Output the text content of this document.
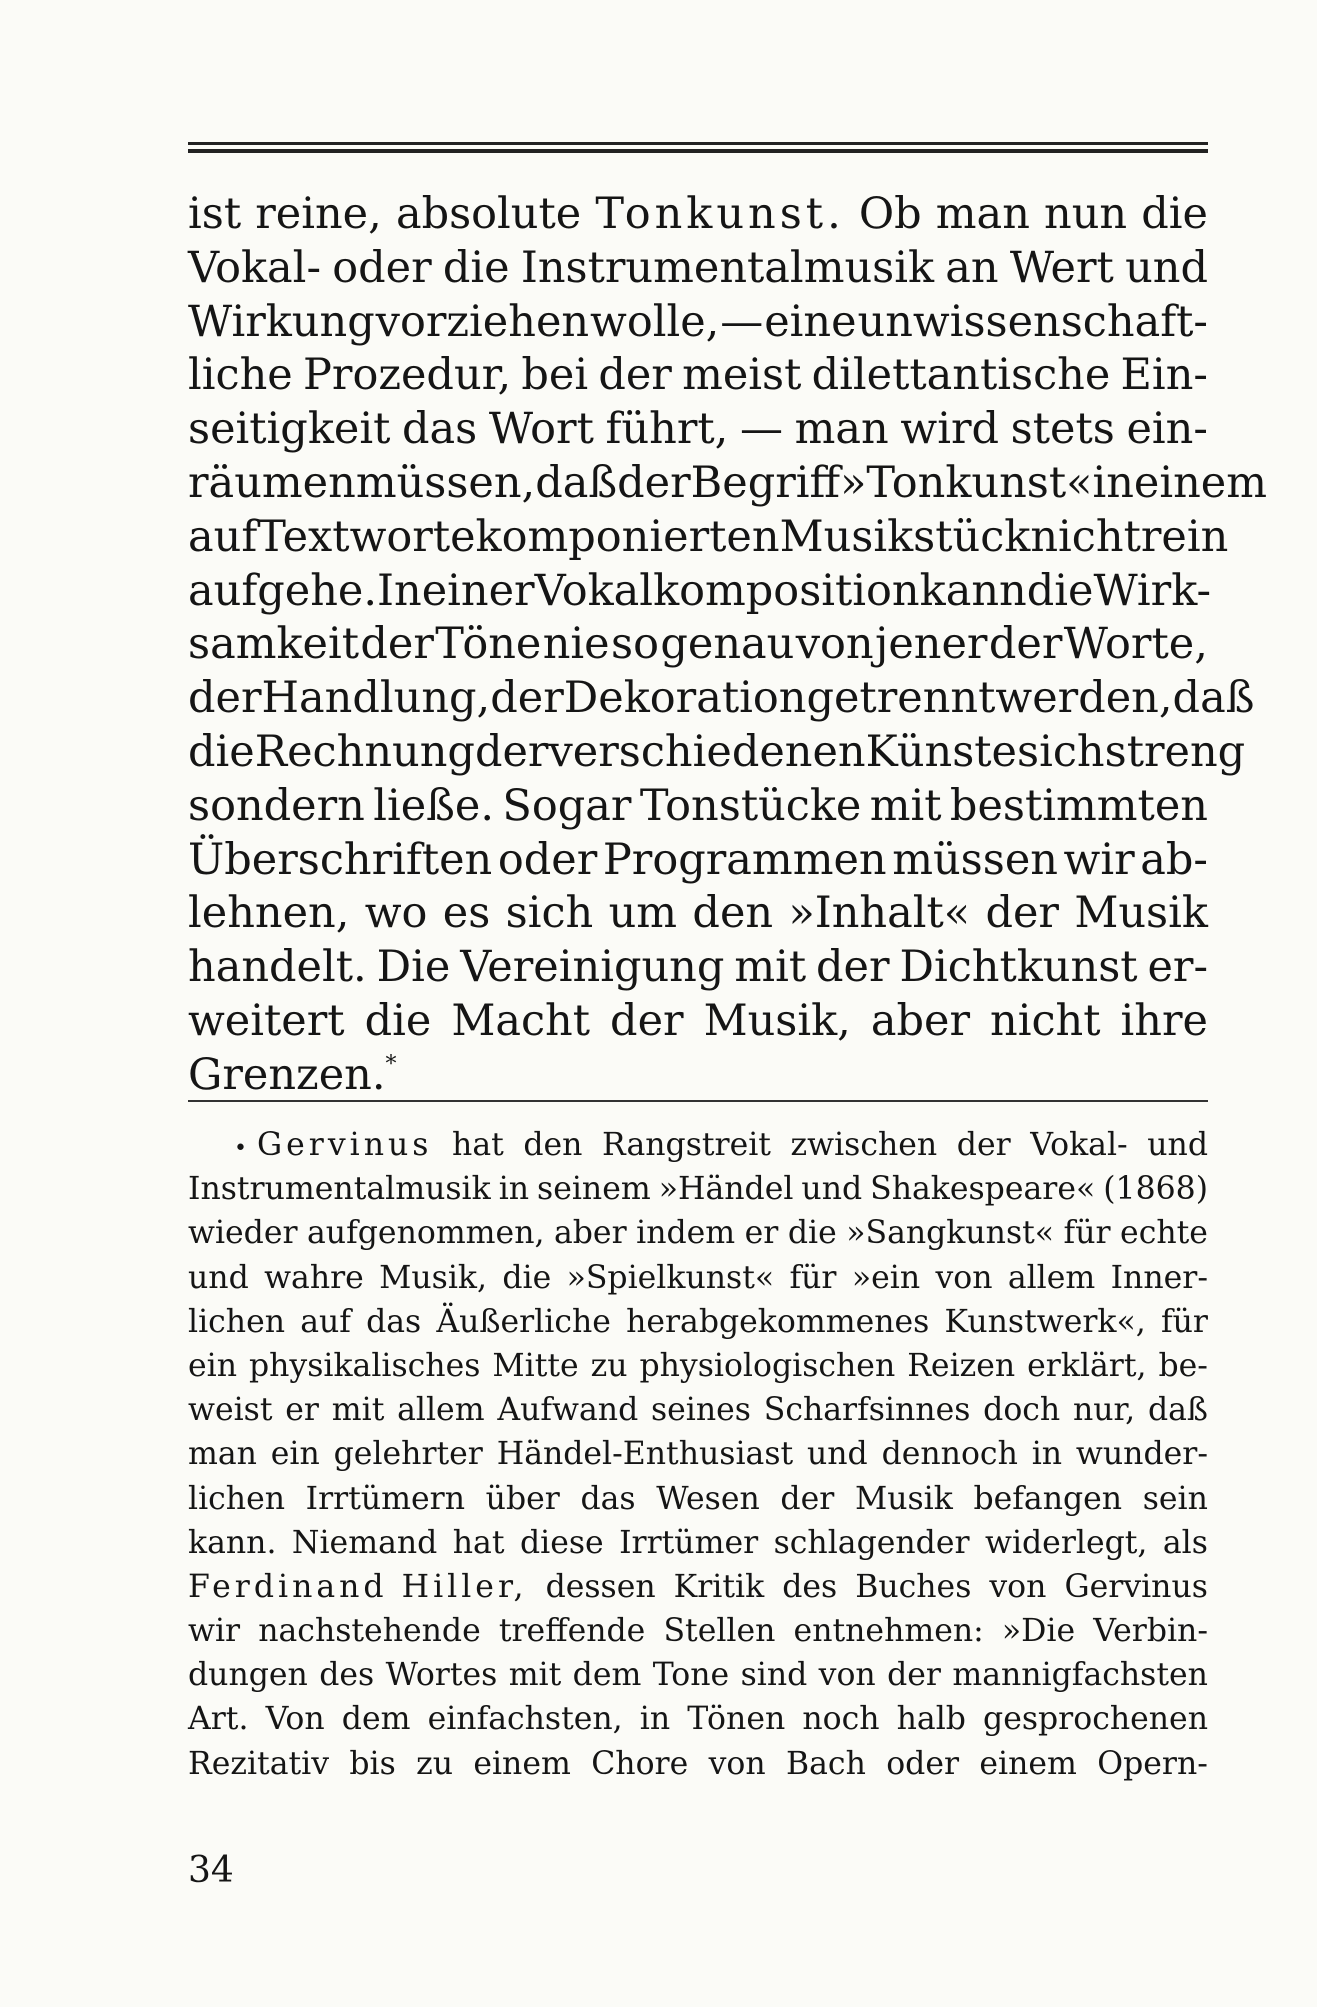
ist reine, absolute Tonkunst. Ob man nun die
Vokal- oder die Instrumentalmusik an Wert und
Wirkung vorziehen wolle, — eine unwissenschaft-
liche Prozedur, bei der meist dilettantische Ein-
seitigkeit das Wort führt, — man wird stets ein-
räumen müssen, daß der Begriff »Tonkunst« in einem
auf Textworte komponierten Musikstück nicht rein
aufgehe. In einer Vokalkomposition kann die Wirk-
samkeit der Töne nie so genau von jener der Worte,
der Handlung, der Dekoration getrennt werden, daß
die Rechnung der verschiedenen Künste sich streng
sondern ließe. Sogar Tonstücke mit bestimmten
Überschriften oder Programmen müssen wir ab-
lehnen, wo es sich um den »Inhalt« der Musik
handelt. Die Vereinigung mit der Dichtkunst er-
weitert die Macht der Musik, aber nicht ihre
Grenzen.*
• Gervinus hat den Rangstreit zwischen der Vokal- und
Instrumentalmusik in seinem »Händel und Shakespeare« (1868)
wieder aufgenommen, aber indem er die »Sangkunst« für echte
und wahre Musik, die »Spielkunst« für »ein von allem Inner-
lichen auf das Äußerliche herabgekommenes Kunstwerk«, für
ein physikalisches Mitte zu physiologischen Reizen erklärt, be-
weist er mit allem Aufwand seines Scharfsinnes doch nur, daß
man ein gelehrter Händel-Enthusiast und dennoch in wunder-
lichen Irrtümern über das Wesen der Musik befangen sein
kann. Niemand hat diese Irrtümer schlagender widerlegt, als
Ferdinand Hiller, dessen Kritik des Buches von Gervinus
wir nachstehende treffende Stellen entnehmen: »Die Verbin-
dungen des Wortes mit dem Tone sind von der mannigfachsten
Art. Von dem einfachsten, in Tönen noch halb gesprochenen
Rezitativ bis zu einem Chore von Bach oder einem Opern-
34
